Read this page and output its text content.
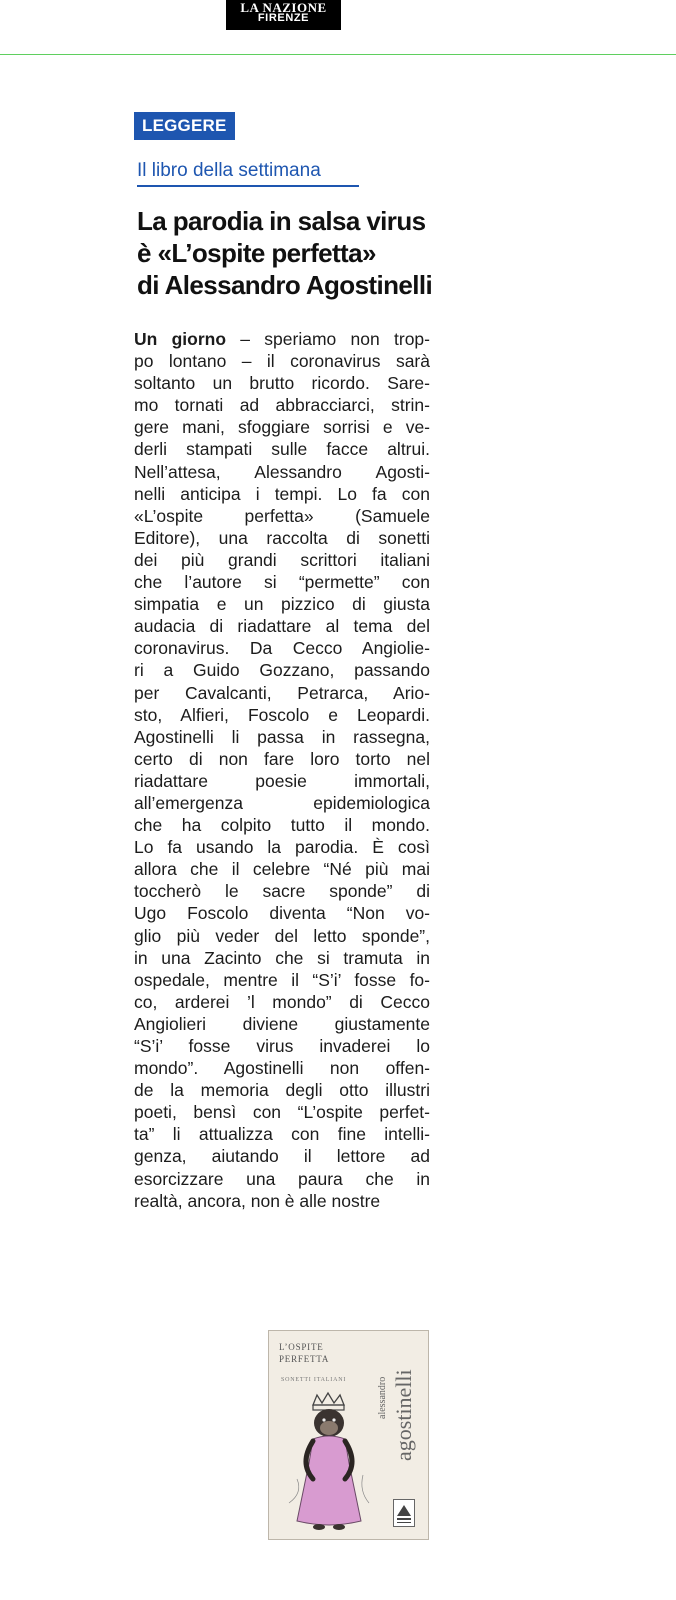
LA NAZIONE
FIRENZE
LEGGERE
Il libro della settimana
La parodia in salsa virus
è «L’ospite perfetta»
di Alessandro Agostinelli
Un giorno – speriamo non trop-
po lontano – il coronavirus sarà
soltanto un brutto ricordo. Sare-
mo tornati ad abbracciarci, strin-
gere mani, sfoggiare sorrisi e ve-
derli stampati sulle facce altrui.
Nell’attesa, Alessandro Agosti-
nelli anticipa i tempi. Lo fa con
«L’ospite perfetta» (Samuele
Editore), una raccolta di sonetti
dei più grandi scrittori italiani
che l’autore si “permette” con
simpatia e un pizzico di giusta
audacia di riadattare al tema del
coronavirus. Da Cecco Angiolie-
ri a Guido Gozzano, passando
per Cavalcanti, Petrarca, Ario-
sto, Alfieri, Foscolo e Leopardi.
Agostinelli li passa in rassegna,
certo di non fare loro torto nel
riadattare poesie immortali,
all’emergenza epidemiologica
che ha colpito tutto il mondo.
Lo fa usando la parodia. È così
allora che il celebre “Né più mai
toccherò le sacre sponde” di
Ugo Foscolo diventa “Non vo-
glio più veder del letto sponde”,
in una Zacinto che si tramuta in
ospedale, mentre il “S’i’ fosse fo-
co, arderei ’l mondo” di Cecco
Angiolieri diviene giustamente
“S’i’ fosse virus invaderei lo
mondo”. Agostinelli non offen-
de la memoria degli otto illustri
poeti, bensì con “L’ospite perfet-
ta” li attualizza con fine intelli-
genza, aiutando il lettore ad
esorcizzare una paura che in
realtà, ancora, non è alle nostre
L’OSPITE
PERFETTA
SONETTI ITALIANI	alessandro agostinelli
